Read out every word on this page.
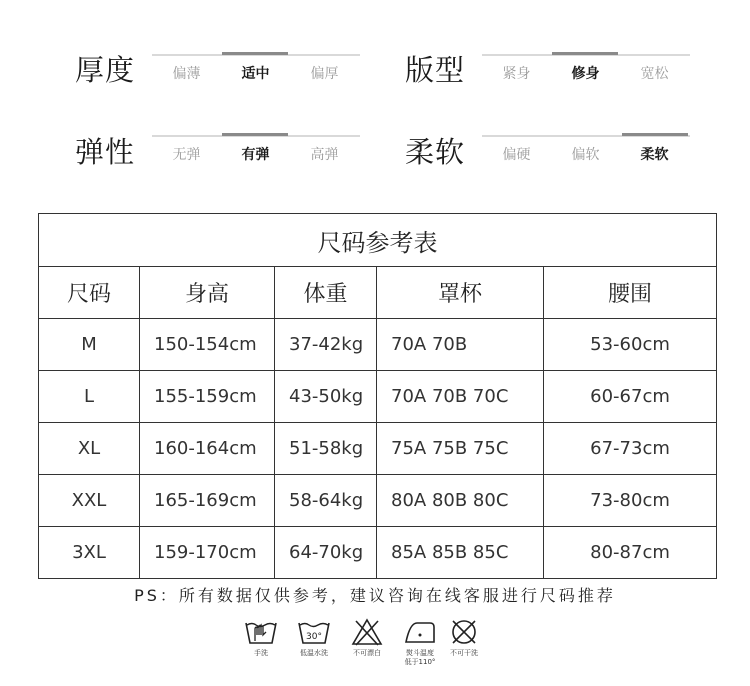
厚度	偏薄	适中	偏厚	版型	紧身	修身	宽松
弹性	无弹	有弹	高弹	柔软	偏硬	偏软	柔软
尺码参考表				
尺码	身高	体重	罩杯	腰围
M	150-154cm	37-42kg	70A 70B	53-60cm
L	155-159cm	43-50kg	70A 70B 70C	60-67cm
XL	160-164cm	51-58kg	75A 75B 75C	67-73cm
XXL	165-169cm	58-64kg	80A 80B 80C	73-80cm
3XL	159-170cm	64-70kg	85A 85B 85C	80-87cm
PS：所有数据仅供参考，建议咨询在线客服进行尺码推荐
手洗
30°
低温水洗	不可漂白	熨斗温度
低于110°
不可干洗
